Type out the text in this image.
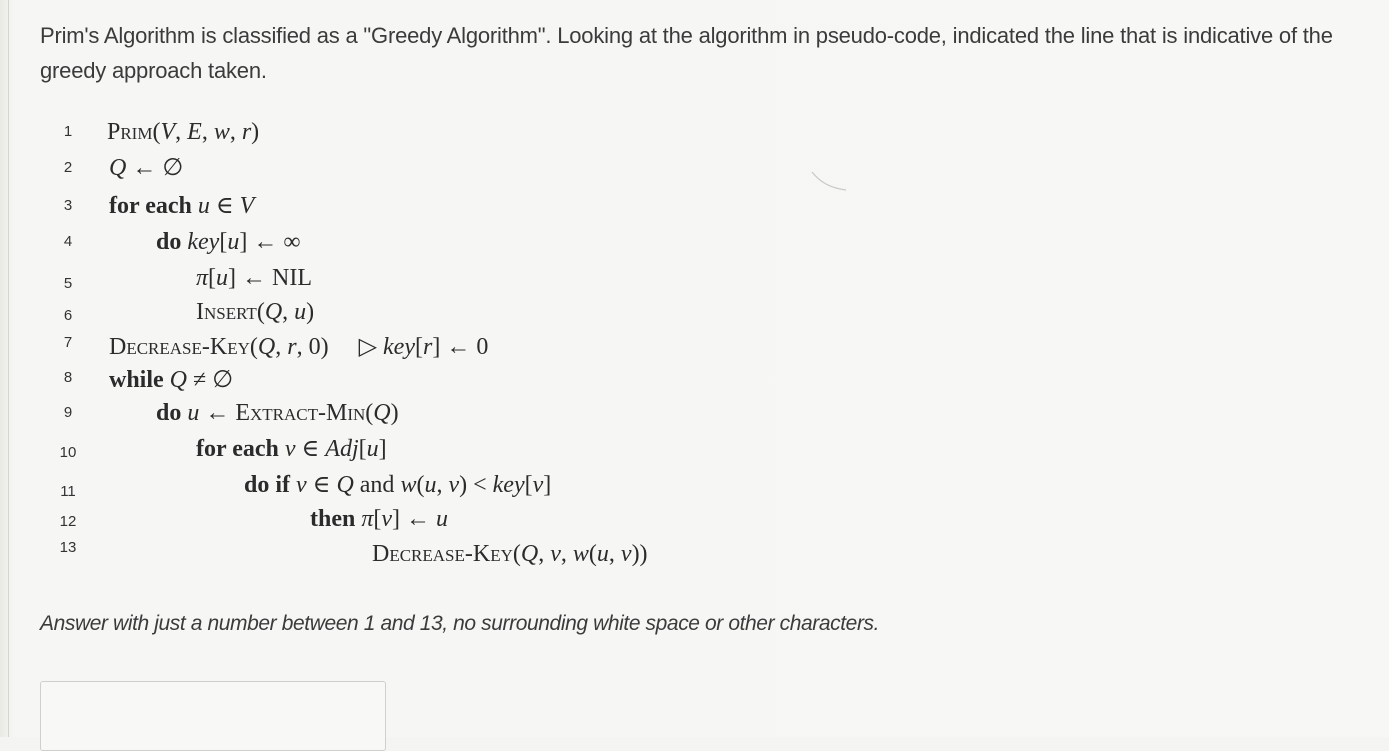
Prim's Algorithm is classified as a "Greedy Algorithm". Looking at the algorithm in pseudo-code, indicated the line that is indicative of the greedy approach taken.
1	Prim(V, E, w, r)
2	Q ← ∅
3	for each u ∈ V
4	do key[u] ← ∞
5	π[u] ← NIL
6	Insert(Q, u)
7	Decrease-Key(Q, r, 0)     ▷ key[r] ← 0
8	while Q ≠ ∅
9	do u ← Extract-Min(Q)
10	for each v ∈ Adj[u]
11	do if v ∈ Q and w(u, v) < key[v]
12	then π[v] ← u
13	Decrease-Key(Q, v, w(u, v))
Answer with just a number between 1 and 13, no surrounding white space or other characters.
